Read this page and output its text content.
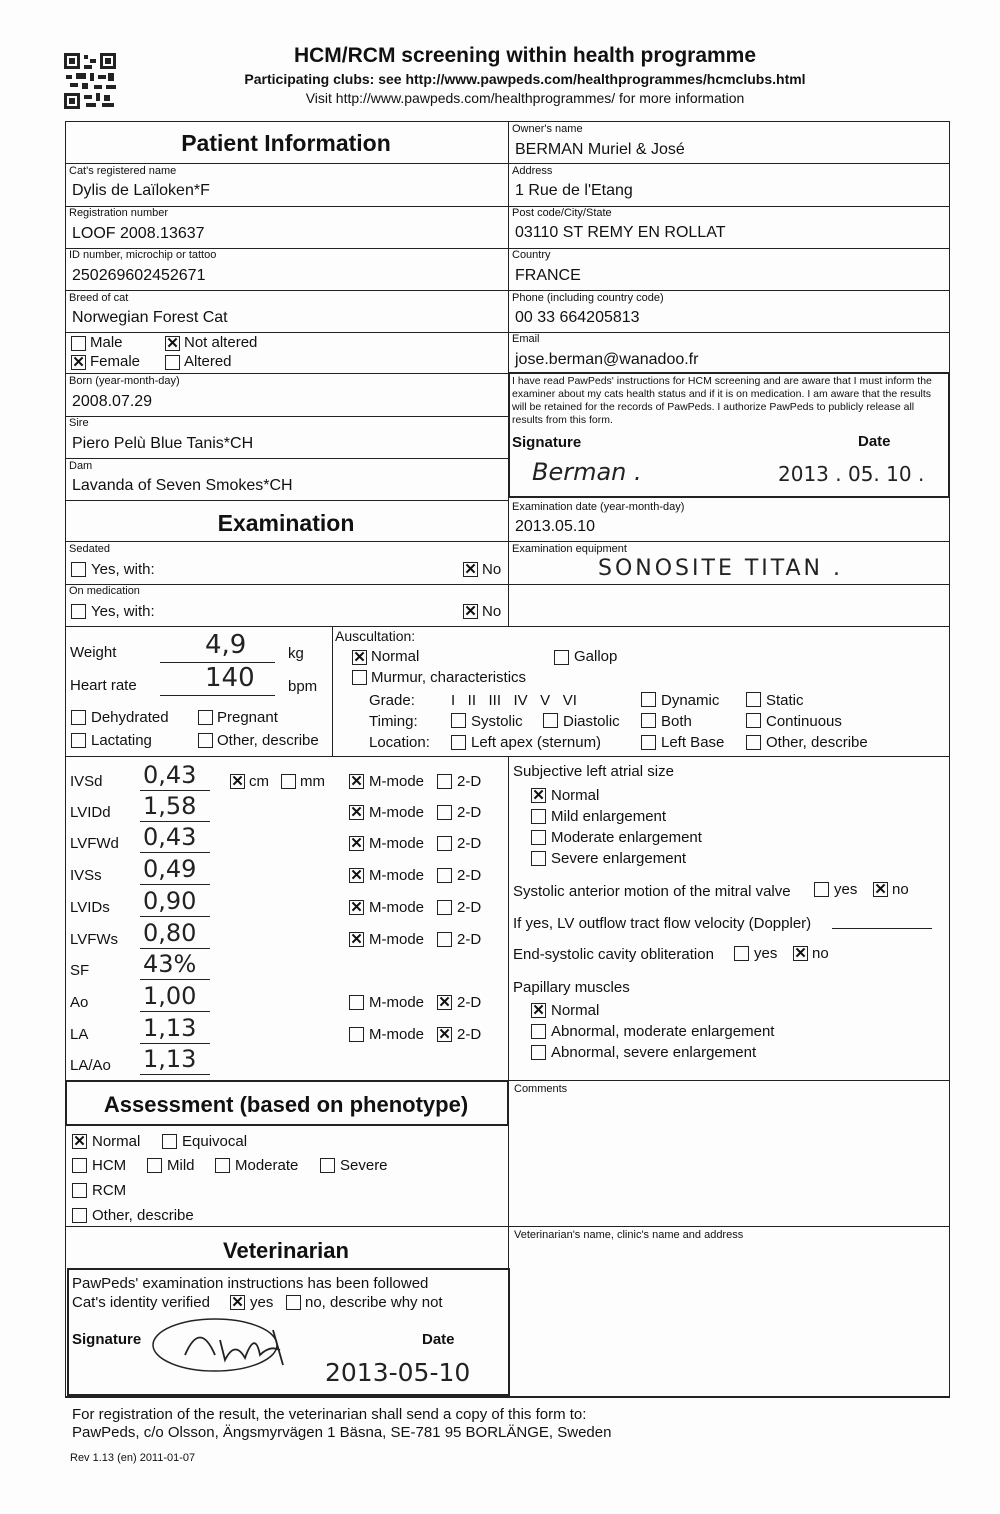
HCM/RCM screening within health programme
Participating clubs: see http://www.pawpeds.com/healthprogrammes/hcmclubs.html
Visit http://www.pawpeds.com/healthprogrammes/ for more information
Patient Information
Cat's registered name
Dylis de Laïloken*F
Registration number
LOOF 2008.13637
ID number, microchip or tattoo
250269602452671
Breed of cat
Norwegian Forest Cat
Male	✕ Not altered
✕ Female	Altered
Born (year-month-day)
2008.07.29
Sire
Piero Pelù Blue Tanis*CH
Dam
Lavanda of Seven Smokes*CH
Owner's name
BERMAN Muriel & José
Address
1 Rue de l'Etang
Post code/City/State
03110 ST REMY EN ROLLAT
Country
FRANCE
Phone (including country code)
00 33 664205813
Email
jose.berman@wanadoo.fr
I have read PawPeds' instructions for HCM screening and are aware that I must inform the examiner about my cats health status and if it is on medication. I am aware that the results will be retained for the records of PawPeds. I authorize PawPeds to publicly release all results from this form.
Signature	Date
Berman .	2013 . 05. 10 .
Examination
Examination date (year-month-day)
2013.05.10
Examination equipment
SONOSITE TITAN .
Sedated
Yes, with:	✕ No
On medication
Yes, with:	✕ No
Weight	4,9	kg
Heart rate	140 bpm
Dehydrated	Pregnant
Lactating	Other, describe
Auscultation:
✕ Normal	Gallop
Murmur, characteristics
Grade: I   II   III   IV   V   VI	Dynamic	Static
Timing:	Systolic	Diastolic	Both	Continuous
Location:	Left apex (sternum)	Left Base	Other, describe
IVSd 0,43	✕ M-mode 2-D
LVIDd 1,58	✕ M-mode 2-D
LVFWd 0,43	✕ M-mode 2-D
IVSs 0,49	✕ M-mode 2-D
LVIDs 0,90	✕ M-mode 2-D
LVFWs 0,80	✕ M-mode 2-D
SF 43%
Ao 1,00	M-mode ✕ 2-D
LA 1,13	M-mode ✕ 2-D
LA/Ao 1,13
✕ cm mm
Subjective left atrial size
✕ Normal
Mild enlargement
Moderate enlargement
Severe enlargement
Systolic anterior motion of the mitral valve	yes ✕ no
If yes, LV outflow tract flow velocity (Doppler)
End-systolic cavity obliteration	yes ✕ no
Papillary muscles
✕ Normal
Abnormal, moderate enlargement
Abnormal, severe enlargement
Assessment (based on phenotype)
Comments
✕ Normal	Equivocal
HCM	Mild	Moderate	Severe
RCM
Other, describe
Veterinarian
Veterinarian's name, clinic's name and address
PawPeds' examination instructions has been followed
Cat's identity verified ✕ yes no, describe why not
Signature	Date
2013-05-10
For registration of the result, the veterinarian shall send a copy of this form to:
PawPeds, c/o Olsson, Ängsmyrvägen 1 Bäsna, SE-781 95 BORLÄNGE, Sweden
Rev 1.13 (en) 2011-01-07
